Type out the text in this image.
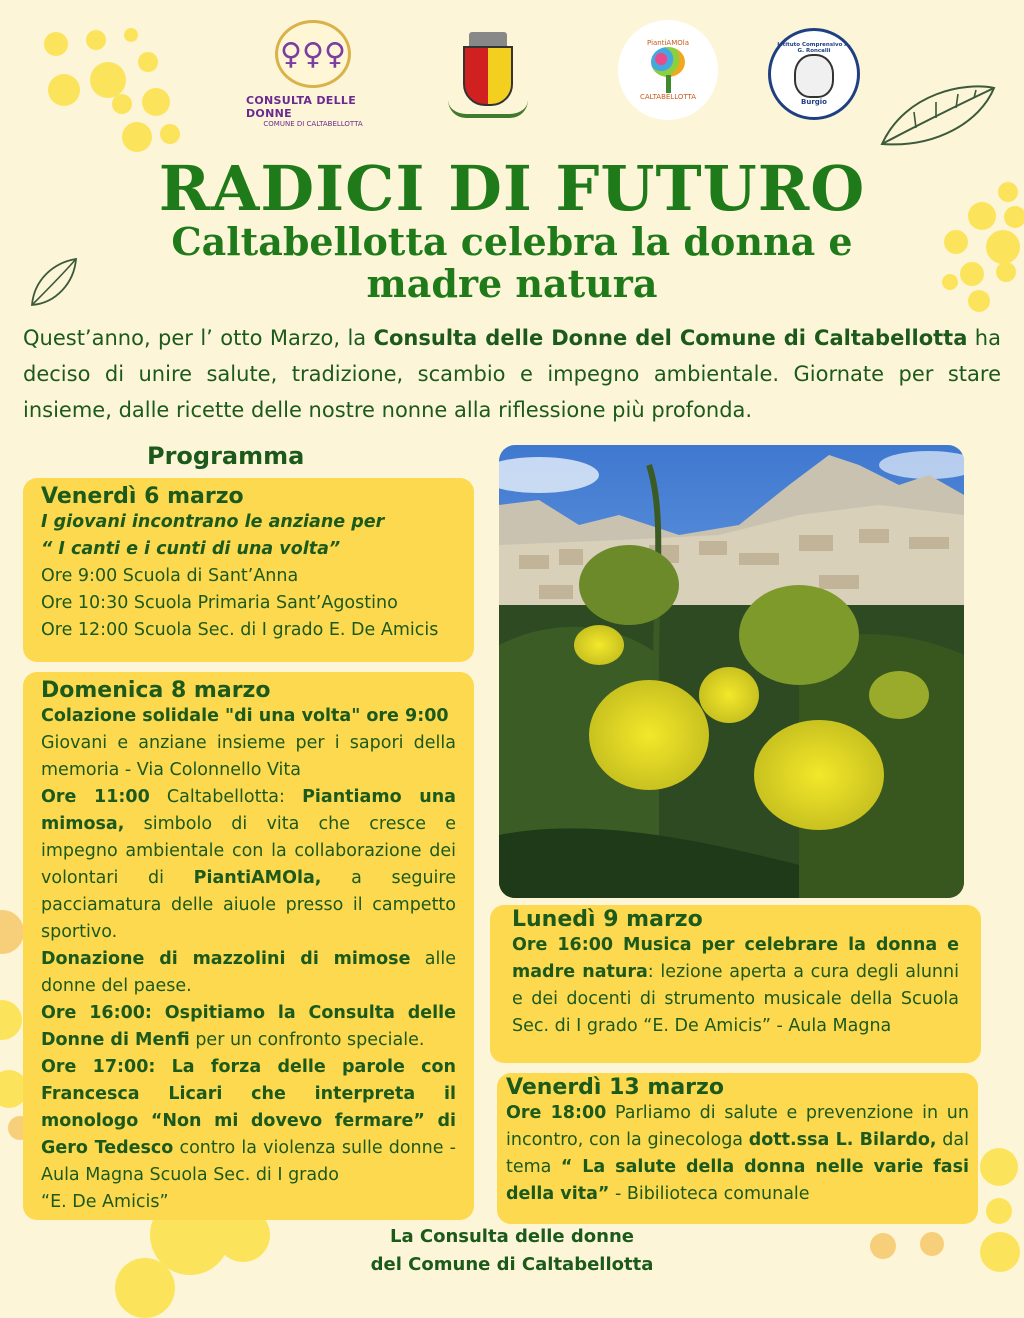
♀♀♀
CONSULTA DELLE DONNE
COMUNE DI CALTABELLOTTA
PiantiAMOla
CALTABELLOTTA
Istituto Comprensivo A. G. Roncalli
Burgio
RADICI DI FUTURO
Caltabellotta celebra la donna e
madre natura

Quest’anno, per l’ otto Marzo, la Consulta delle Donne del Comune di Caltabellotta ha deciso di unire salute, tradizione, scambio e impegno ambientale. Giornate per stare insieme, dalle ricette delle nostre nonne alla riflessione più profonda.

Programma

Venerdì 6 marzo

I giovani incontrano le anziane per

“ I canti e i cunti di una volta”

Ore 9:00 Scuola di Sant’Anna

Ore 10:30 Scuola Primaria Sant’Agostino

Ore 12:00 Scuola Sec. di I grado E. De Amicis

Domenica 8 marzo

Colazione solidale "di una volta" ore 9:00

Giovani e anziane insieme per i sapori della memoria - Via Colonnello Vita

Ore 11:00 Caltabellotta: Piantiamo una mimosa, simbolo di vita che cresce e impegno ambientale con la collaborazione dei volontari di PiantiAMOla, a seguire pacciamatura delle aiuole presso il campetto sportivo.

Donazione di mazzolini di mimose alle donne del paese.

Ore 16:00: Ospitiamo la Consulta delle Donne di Menfi per un confronto speciale.

Ore 17:00: La forza delle parole con Francesca Licari che interpreta il monologo “Non mi dovevo fermare” di Gero Tedesco contro la violenza sulle donne - Aula Magna Scuola Sec. di I grado

“E. De Amicis”

Lunedì 9 marzo

Ore 16:00 Musica per celebrare la donna e madre natura: lezione aperta a cura degli alunni e dei docenti di strumento musicale della Scuola Sec. di I grado “E. De Amicis” - Aula Magna

Venerdì 13 marzo

Ore 18:00 Parliamo di salute e prevenzione in un incontro, con la ginecologa dott.ssa L. Bilardo, dal tema “ La salute della donna nelle varie fasi della vita” - Bibilioteca comunale

La Consulta delle donne

del Comune di Caltabellotta
